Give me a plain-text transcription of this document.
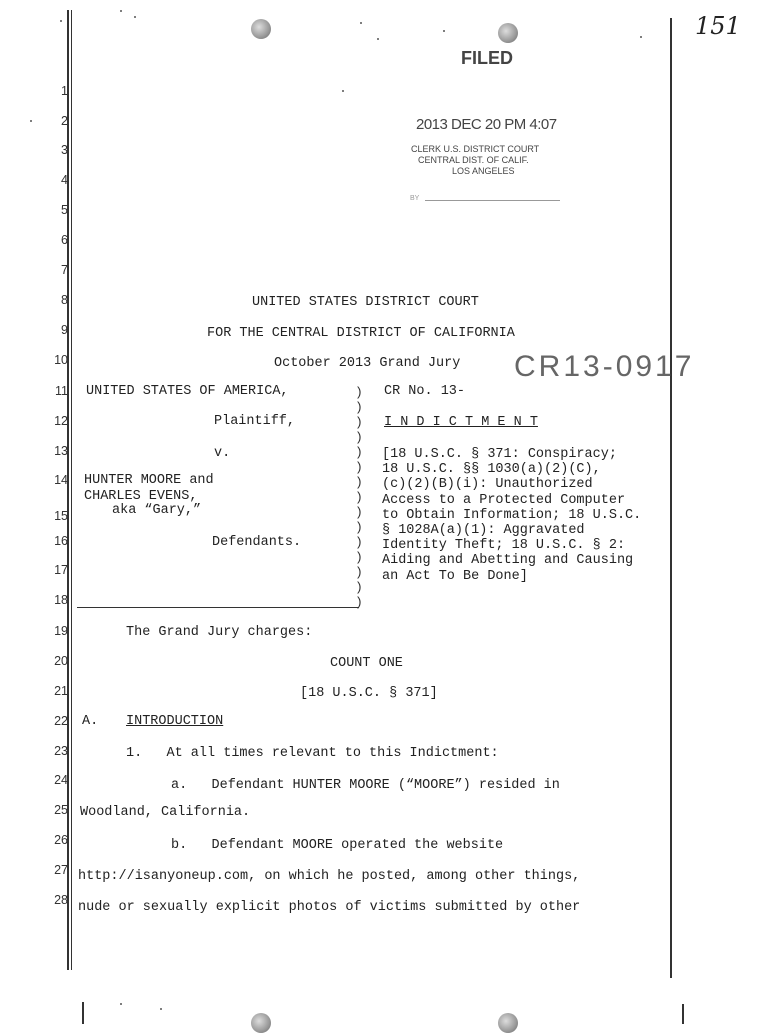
151
FILED
2013 DEC 20 PM 4:07
CLERK U.S. DISTRICT COURT
CENTRAL DIST. OF CALIF.
LOS ANGELES
BY
1
2
3
4
5
6
7
8
9
10
11
12
13
14
15
16
17
18
19
20
21
22
23
24
25
26
27
28
UNITED STATES DISTRICT COURT
FOR THE CENTRAL DISTRICT OF CALIFORNIA
October 2013 Grand Jury CR13-0917
UNITED STATES OF AMERICA,
Plaintiff,
v.
HUNTER MOORE and
CHARLES EVENS,
aka “Gary,”
Defendants.
)
)
)
)
)
)
)
)
)
)
)
)
)
)
)
CR No. 13-
I N D I C T M E N T
[18 U.S.C. § 371: Conspiracy;
18 U.S.C. §§ 1030(a)(2)(C),
(c)(2)(B)(i): Unauthorized
Access to a Protected Computer
to Obtain Information; 18 U.S.C.
§ 1028A(a)(1): Aggravated
Identity Theft; 18 U.S.C. § 2:
Aiding and Abetting and Causing
an Act To Be Done]
The Grand Jury charges:
COUNT ONE
[18 U.S.C. § 371]
A. INTRODUCTION
1.   At all times relevant to this Indictment:
a.   Defendant HUNTER MOORE (“MOORE”) resided in
Woodland, California.
b.   Defendant MOORE operated the website
http://isanyoneup.com, on which he posted, among other things,
nude or sexually explicit photos of victims submitted by other
